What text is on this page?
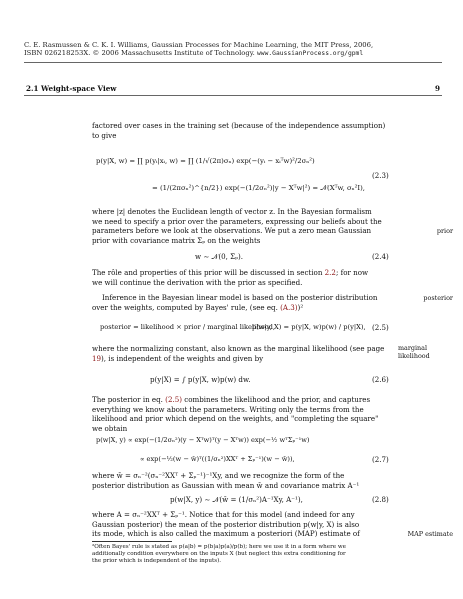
C. E. Rasmussen & C. K. I. Williams, Gaussian Processes for Machine Learning, the MIT Press, 2006,
ISBN 026218253X. © 2006 Massachusetts Institute of Technology. www.GaussianProcess.org/gpml
2.1 Weight-space View	9
factored over cases in the training set (because of the independence assumption)
to give
p(y|X, w) = ∏ p(yᵢ|xᵢ, w) = ∏ (1/√(2π)σₙ) exp(−(yᵢ − xᵢᵀw)²/2σₙ²)
= (1/(2πσₙ²)^{n/2}) exp(−(1/2σₙ²)|y − Xᵀw|²) = 𝒩(Xᵀw, σₙ²I),
(2.3)
where |z| denotes the Euclidean length of vector z. In the Bayesian formalism
we need to specify a prior over the parameters, expressing our beliefs about the
parameters before we look at the observations. We put a zero mean Gaussian
prior with covariance matrix Σₚ on the weights
prior
w ∼ 𝒩(0, Σₚ).	(2.4)
The rôle and properties of this prior will be discussed in section 2.2; for now
we will continue the derivation with the prior as specified.
Inference in the Bayesian linear model is based on the posterior distribution
over the weights, computed by Bayes' rule, (see eq. (A.3))²
posterior
posterior = likelihood × prior / marginal likelihood,
p(w|y, X) = p(y|X, w)p(w) / p(y|X), (2.5)
where the normalizing constant, also known as the marginal likelihood (see page
19), is independent of the weights and given by
marginal likelihood
p(y|X) = ∫ p(y|X, w)p(w) dw.	(2.6)
The posterior in eq. (2.5) combines the likelihood and the prior, and captures
everything we know about the parameters. Writing only the terms from the
likelihood and prior which depend on the weights, and "completing the square"
we obtain
p(w|X, y) ∝ exp(−(1/2σₙ²)(y − Xᵀw)ᵀ(y − Xᵀw)) exp(−½ wᵀΣₚ⁻¹w)
∝ exp(−½(w − w̄)ᵀ((1/σₙ²)XXᵀ + Σₚ⁻¹)(w − w̄)),	(2.7)
where w̄ = σₙ⁻²(σₙ⁻²XXᵀ + Σₚ⁻¹)⁻¹Xy, and we recognize the form of the
posterior distribution as Gaussian with mean w̄ and covariance matrix A⁻¹
p(w|X, y) ∼ 𝒩(w̄ = (1/σₙ²)A⁻¹Xy, A⁻¹),	(2.8)
where A = σₙ⁻²XXᵀ + Σₚ⁻¹. Notice that for this model (and indeed for any
Gaussian posterior) the mean of the posterior distribution p(w|y, X) is also
its mode, which is also called the maximum a posteriori (MAP) estimate of	MAP estimate
²Often Bayes' rule is stated as p(a|b) = p(b|a)p(a)/p(b); here we use it in a form where we
additionally condition everywhere on the inputs X (but neglect this extra conditioning for
the prior which is independent of the inputs).
